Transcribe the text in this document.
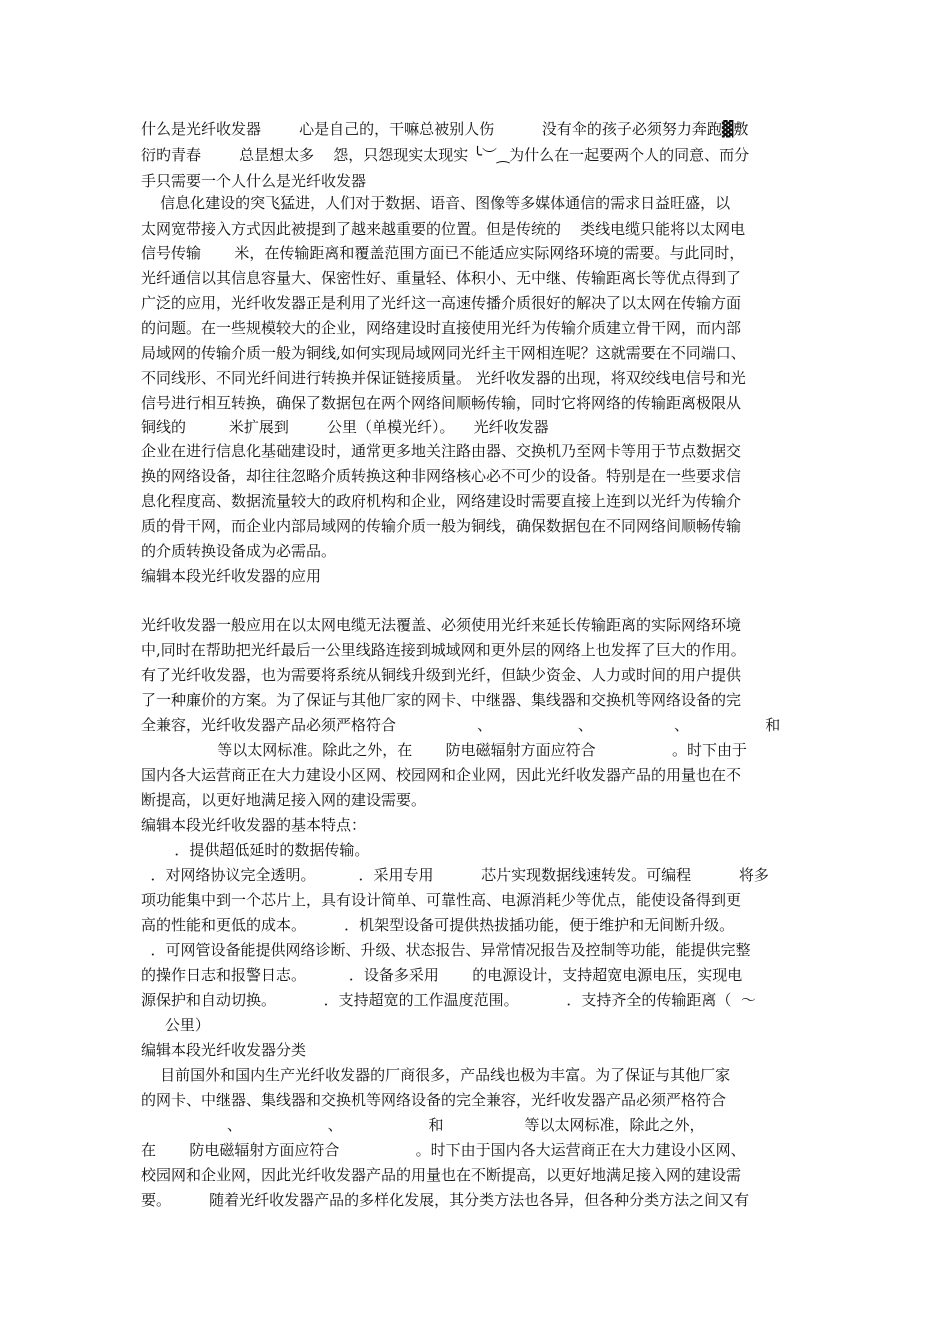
什么是光纤收发器        心是自己的，干嘛总被别人伤          没有伞的孩子必须努力奔跑▓敷
衍旳青春        总昰想太多    怨，只怨现实太现实 ╰︶⁔为什么在一起要两个人的同意、而分
手只需要一个人什么是光纤收发器
信息化建设的突飞猛进，人们对于数据、语音、图像等多媒体通信的需求日益旺盛，以
太网宽带接入方式因此被提到了越来越重要的位置。但是传统的    类线电缆只能将以太网电
信号传输       米，在传输距离和覆盖范围方面已不能适应实际网络环境的需要。与此同时，
光纤通信以其信息容量大、保密性好、重量轻、体积小、无中继、传输距离长等优点得到了
广泛的应用，光纤收发器正是利用了光纤这一高速传播介质很好的解决了以太网在传输方面
的问题。在一些规模较大的企业，网络建设时直接使用光纤为传输介质建立骨干网，而内部
局域网的传输介质一般为铜线,如何实现局域网同光纤主干网相连呢？这就需要在不同端口、
不同线形、不同光纤间进行转换并保证链接质量。 光纤收发器的出现，将双绞线电信号和光
信号进行相互转换，确保了数据包在两个网络间顺畅传输，同时它将网络的传输距离极限从
铜线的         米扩展到        公里（单模光纤）。    光纤收发器
企业在进行信息化基础建设时，通常更多地关注路由器、交换机乃至网卡等用于节点数据交
换的网络设备，却往往忽略介质转换这种非网络核心必不可少的设备。特别是在一些要求信
息化程度高、数据流量较大的政府机构和企业，网络建设时需要直接上连到以光纤为传输介
质的骨干网，而企业内部局域网的传输介质一般为铜线，确保数据包在不同网络间顺畅传输
的介质转换设备成为必需品。
编辑本段光纤收发器的应用
光纤收发器一般应用在以太网电缆无法覆盖、必须使用光纤来延长传输距离的实际网络环境
中,同时在帮助把光纤最后一公里线路连接到城域网和更外层的网络上也发挥了巨大的作用。
有了光纤收发器，也为需要将系统从铜线升级到光纤，但缺少资金、人力或时间的用户提供
了一种廉价的方案。为了保证与其他厂家的网卡、中继器、集线器和交换机等网络设备的完
全兼容，光纤收发器产品必须严格符合                 、                  、                 、                和
等以太网标准。除此之外，在       防电磁辐射方面应符合                。时下由于
国内各大运营商正在大力建设小区网、校园网和企业网，因此光纤收发器产品的用量也在不
断提高，以更好地满足接入网的建设需要。
编辑本段光纤收发器的基本特点：
．提供超低延时的数据传输。
．对网络协议完全透明。         ．采用专用          芯片实现数据线速转发。可编程          将多
项功能集中到一个芯片上，具有设计简单、可靠性高、电源消耗少等优点，能使设备得到更
高的性能和更低的成本。        ．机架型设备可提供热拔插功能，便于维护和无间断升级。
．可网管设备能提供网络诊断、升级、状态报告、异常情况报告及控制等功能，能提供完整
的操作日志和报警日志。         ．设备多采用       的电源设计，支持超宽电源电压，实现电
源保护和自动切换。          ．支持超宽的工作温度范围。          ．支持齐全的传输距离（  ～
公里）
编辑本段光纤收发器分类
目前国外和国内生产光纤收发器的厂商很多，产品线也极为丰富。为了保证与其他厂家
的网卡、中继器、集线器和交换机等网络设备的完全兼容，光纤收发器产品必须严格符合
、                  、                  和                 等以太网标准，除此之外，
在       防电磁辐射方面应符合                。时下由于国内各大运营商正在大力建设小区网、
校园网和企业网，因此光纤收发器产品的用量也在不断提高，以更好地满足接入网的建设需
要。        随着光纤收发器产品的多样化发展，其分类方法也各异，但各种分类方法之间又有
